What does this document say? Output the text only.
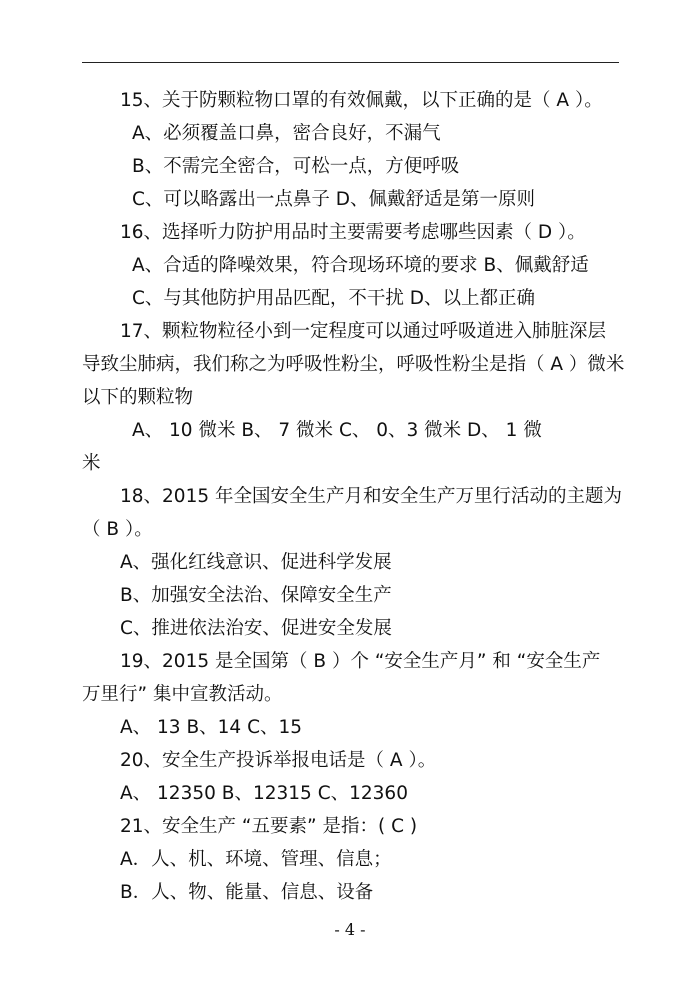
15、关于防颗粒物口罩的有效佩戴，以下正确的是（ A ）。
A、必须覆盖口鼻，密合良好，不漏气
B、不需完全密合，可松一点，方便呼吸
C、可以略露出一点鼻子 D、佩戴舒适是第一原则
16、选择听力防护用品时主要需要考虑哪些因素（ D ）。
A、合适的降噪效果，符合现场环境的要求 B、佩戴舒适
C、与其他防护用品匹配，不干扰 D、以上都正确
17、颗粒物粒径小到一定程度可以通过呼吸道进入肺脏深层
导致尘肺病，我们称之为呼吸性粉尘，呼吸性粉尘是指（ A ）微米
以下的颗粒物
A、 10 微米 B、 7 微米 C、 0、3 微米 D、 1 微
米
18、2015 年全国安全生产月和安全生产万里行活动的主题为
（ B ）。
A、强化红线意识、促进科学发展
B、加强安全法治、保障安全生产
C、推进依法治安、促进安全发展
19、2015 是全国第（ B ）个 “安全生产月” 和 “安全生产
万里行” 集中宣教活动。
A、 13 B、14 C、15
20、安全生产投诉举报电话是（ A ）。
A、 12350 B、12315 C、12360
21、安全生产 “五要素” 是指：( C )
A．人、机、环境、管理、信息；
B．人、物、能量、信息、设备
- 4 -
